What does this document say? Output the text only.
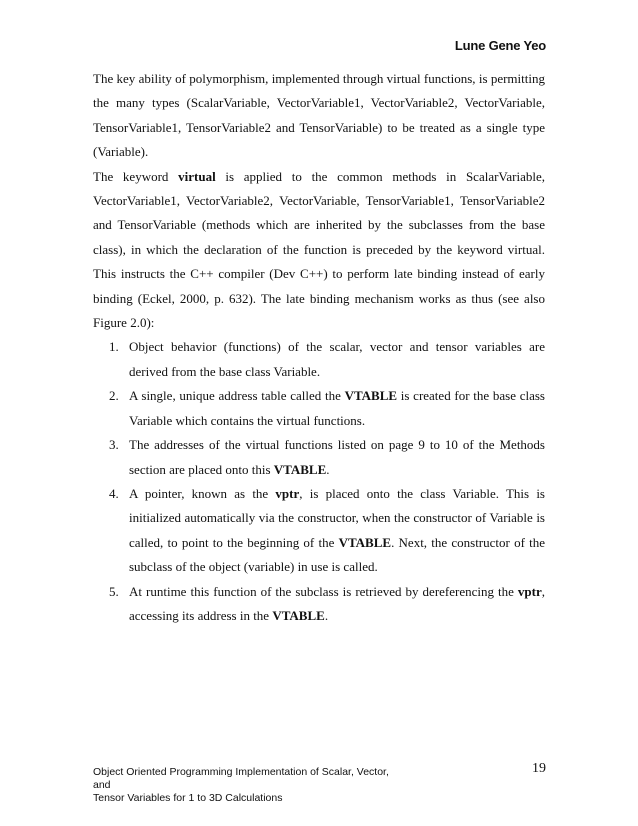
Lune Gene Yeo

The key ability of polymorphism, implemented through virtual functions, is permitting the many types (ScalarVariable, VectorVariable1, VectorVariable2, VectorVariable, TensorVariable1, TensorVariable2 and TensorVariable) to be treated as a single type (Variable).

The keyword virtual is applied to the common methods in ScalarVariable, VectorVariable1, VectorVariable2, VectorVariable, TensorVariable1, TensorVariable2 and TensorVariable (methods which are inherited by the subclasses from the base class), in which the declaration of the function is preceded by the keyword virtual. This instructs the C++ compiler (Dev C++) to perform late binding instead of early binding (Eckel, 2000, p. 632). The late binding mechanism works as thus (see also Figure 2.0):

1. Object behavior (functions) of the scalar, vector and tensor variables are derived from the base class Variable.
2. A single, unique address table called the VTABLE is created for the base class Variable which contains the virtual functions.
3. The addresses of the virtual functions listed on page 9 to 10 of the Methods section are placed onto this VTABLE.
4. A pointer, known as the vptr, is placed onto the class Variable. This is initialized automatically via the constructor, when the constructor of Variable is called, to point to the beginning of the VTABLE. Next, the constructor of the subclass of the object (variable) in use is called.
5. At runtime this function of the subclass is retrieved by dereferencing the vptr, accessing its address in the VTABLE.
Object Oriented Programming Implementation of Scalar, Vector, and
Tensor Variables for 1 to 3D Calculations
19
